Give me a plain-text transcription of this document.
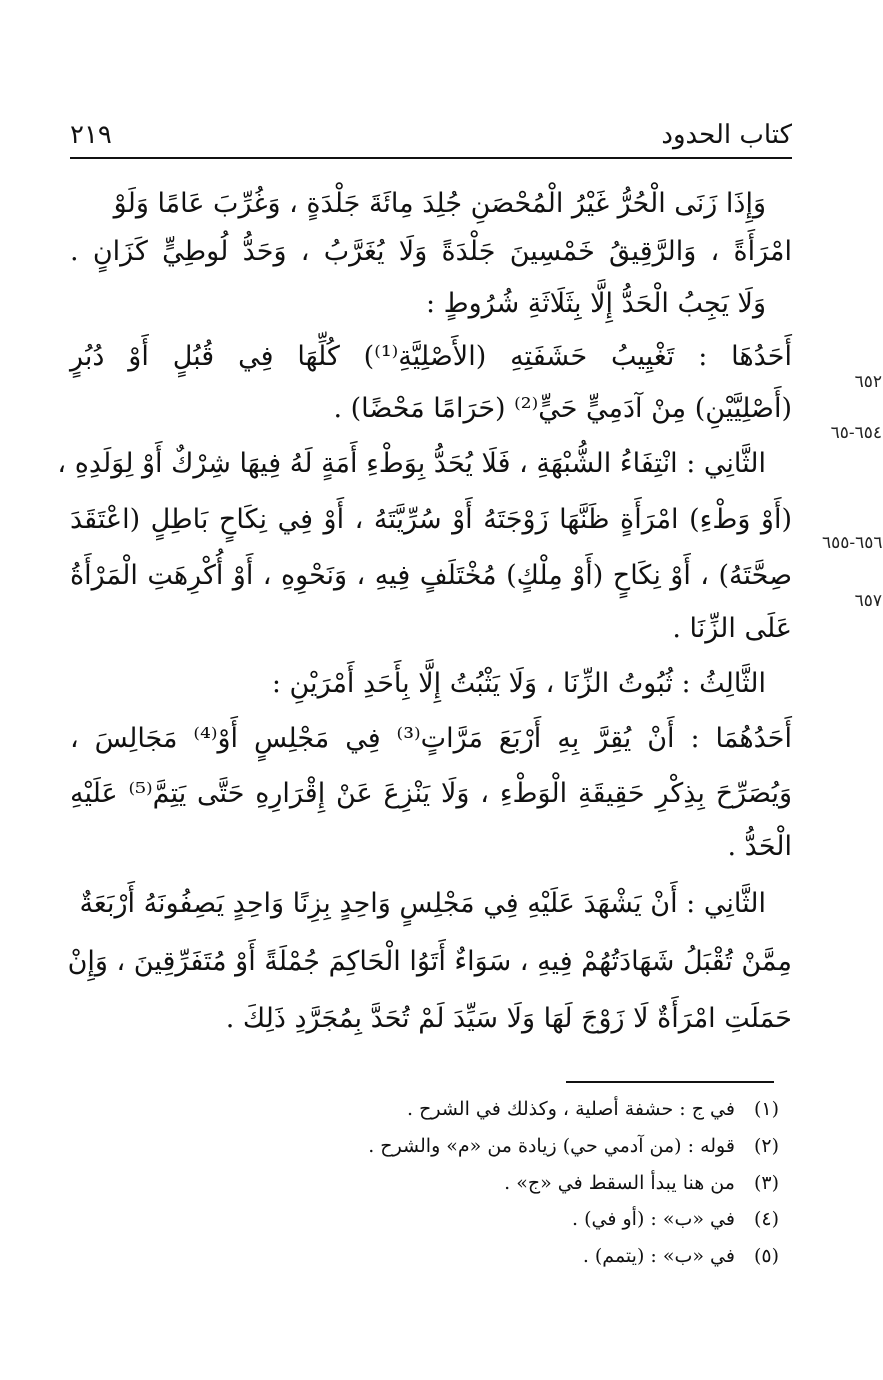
كتاب الحدود
٢١٩
وَإِذَا زَنَى الْحُرُّ غَيْرُ الْمُحْصَنِ جُلِدَ مِائَةَ جَلْدَةٍ ، وَغُرِّبَ عَامًا وَلَوْ
امْرَأَةً ، وَالرَّقِيقُ خَمْسِينَ جَلْدَةً وَلَا يُغَرَّبُ ، وَحَدُّ لُوطِيٍّ كَزَانٍ .
وَلَا يَجِبُ الْحَدُّ إِلَّا بِثَلَاثَةِ شُرُوطٍ :
أَحَدُهَا : تَغْيِيبُ حَشَفَتِهِ (الأَصْلِيَّةِ⁽¹⁾) كُلِّهَا فِي قُبُلٍ أَوْ دُبُرٍ
(أَصْلِيَّيْنِ) مِنْ آدَمِيٍّ حَيٍّ⁽²⁾ (حَرَامًا مَحْضًا) .
الثَّانِي : انْتِفَاءُ الشُّبْهَةِ ، فَلَا يُحَدُّ بِوَطْءِ أَمَةٍ لَهُ فِيهَا شِرْكٌ أَوْ لِوَلَدِهِ ،
(أَوْ وَطْءِ) امْرَأَةٍ ظَنَّهَا زَوْجَتَهُ أَوْ سُرِّيَّتَهُ ، أَوْ فِي نِكَاحٍ بَاطِلٍ (اعْتَقَدَ
صِحَّتَهُ) ، أَوْ نِكَاحٍ (أَوْ مِلْكٍ) مُخْتَلَفٍ فِيهِ ، وَنَحْوِهِ ، أَوْ أُكْرِهَتِ الْمَرْأَةُ
عَلَى الزِّنَا .
الثَّالِثُ : ثُبُوتُ الزِّنَا ، وَلَا يَثْبُتُ إِلَّا بِأَحَدِ أَمْرَيْنِ :
أَحَدُهُمَا : أَنْ يُقِرَّ بِهِ أَرْبَعَ مَرَّاتٍ⁽³⁾ فِي مَجْلِسٍ أَوْ⁽⁴⁾ مَجَالِسَ ،
وَيُصَرِّحَ بِذِكْرِ حَقِيقَةِ الْوَطْءِ ، وَلَا يَنْزِعَ عَنْ إِقْرَارِهِ حَتَّى يَتِمَّ⁽⁵⁾ عَلَيْهِ
الْحَدُّ .
الثَّانِي : أَنْ يَشْهَدَ عَلَيْهِ فِي مَجْلِسٍ وَاحِدٍ بِزِنًا وَاحِدٍ يَصِفُونَهُ أَرْبَعَةٌ
مِمَّنْ تُقْبَلُ شَهَادَتُهُمْ فِيهِ ، سَوَاءٌ أَتَوُا الْحَاكِمَ جُمْلَةً أَوْ مُتَفَرِّقِينَ ، وَإِنْ
حَمَلَتِ امْرَأَةٌ لَا زَوْجَ لَهَا وَلَا سَيِّدَ لَمْ تُحَدَّ بِمُجَرَّدِ ذَلِكَ .
٦٥٢
٦٥٤-٦٥
٦٥٦-٦٥٥
٦٥٧
(١) في ج : حشفة أصلية ، وكذلك في الشرح .
(٢) قوله : (من آدمي حي) زيادة من «م» والشرح .
(٣) من هنا يبدأ السقط في «ج» .
(٤) في «ب» : (أو في) .
(٥) في «ب» : (يتمم) .
